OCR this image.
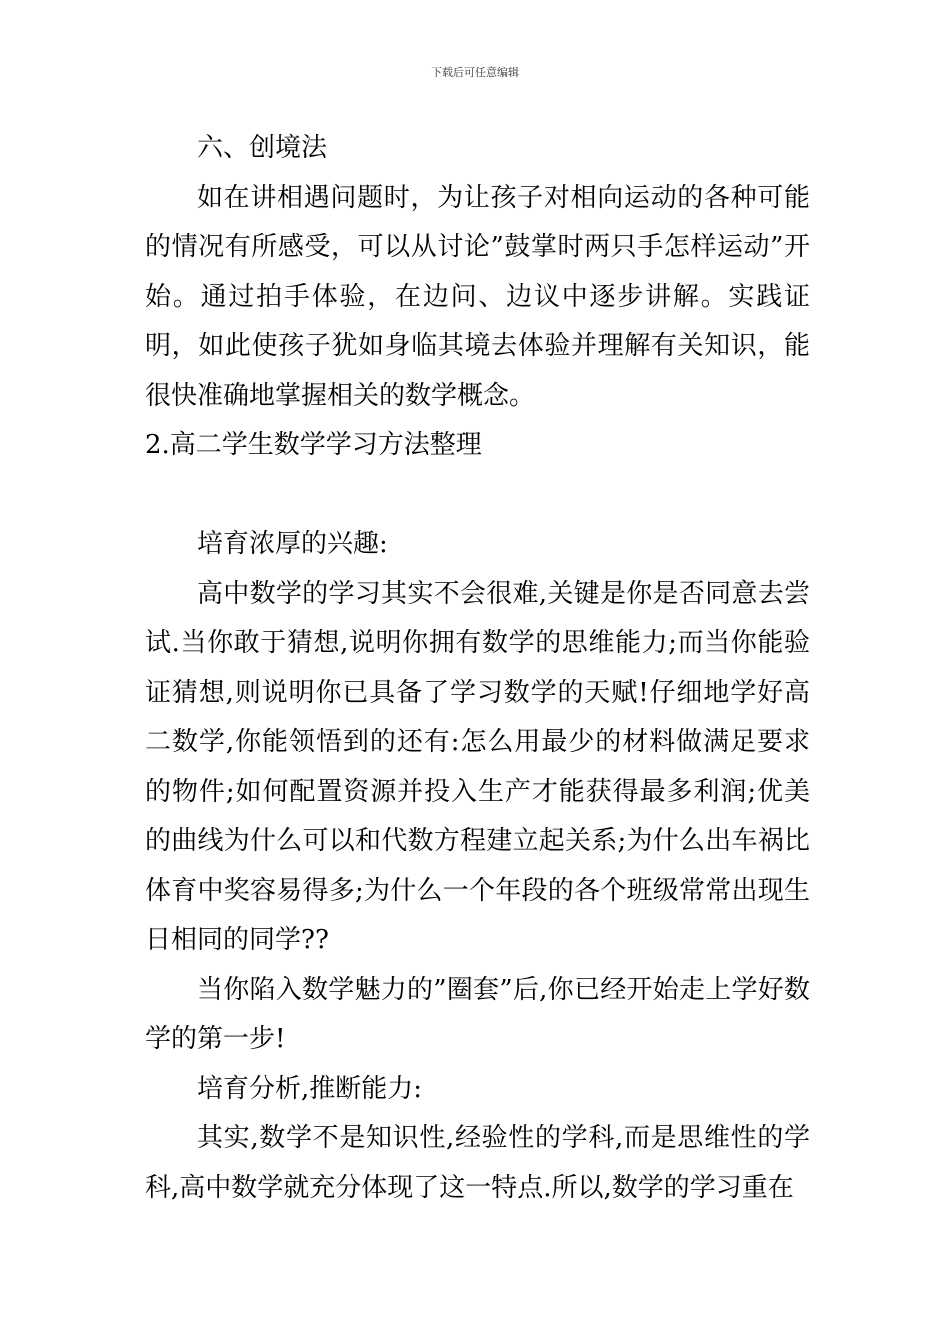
下载后可任意编辑

六、创境法

如在讲相遇问题时，为让孩子对相向运动的各种可能的情况有所感受，可以从讨论”鼓掌时两只手怎样运动”开始。通过拍手体验，在边问、边议中逐步讲解。实践证明，如此使孩子犹如身临其境去体验并理解有关知识，能很快准确地掌握相关的数学概念。

2.高二学生数学学习方法整理

培育浓厚的兴趣:

高中数学的学习其实不会很难,关键是你是否同意去尝试.当你敢于猜想,说明你拥有数学的思维能力;而当你能验证猜想,则说明你已具备了学习数学的天赋!仔细地学好高二数学,你能领悟到的还有:怎么用最少的材料做满足要求的物件;如何配置资源并投入生产才能获得最多利润;优美的曲线为什么可以和代数方程建立起关系;为什么出车祸比体育中奖容易得多;为什么一个年段的各个班级常常出现生日相同的同学??

当你陷入数学魅力的”圈套”后,你已经开始走上学好数学的第一步!

培育分析,推断能力:

其实,数学不是知识性,经验性的学科,而是思维性的学科,高中数学就充分体现了这一特点.所以,数学的学习重在
